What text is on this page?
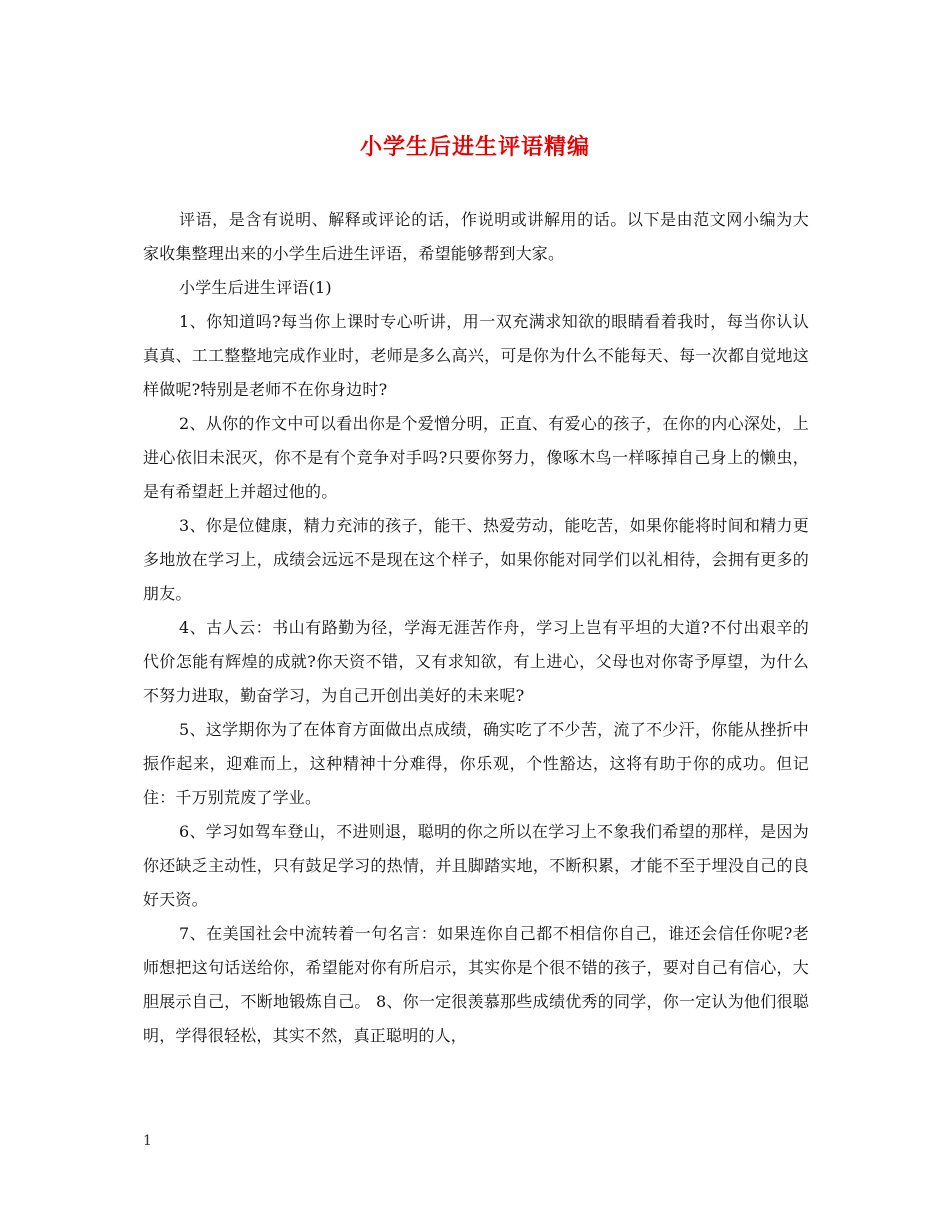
小学生后进生评语精编

评语，是含有说明、解释或评论的话，作说明或讲解用的话。以下是由范文网小编为大家收集整理出来的小学生后进生评语，希望能够帮到大家。

小学生后进生评语(1)

1、你知道吗?每当你上课时专心听讲，用一双充满求知欲的眼睛看着我时，每当你认认真真、工工整整地完成作业时，老师是多么高兴，可是你为什么不能每天、每一次都自觉地这样做呢?特别是老师不在你身边时?

2、从你的作文中可以看出你是个爱憎分明，正直、有爱心的孩子，在你的内心深处，上进心依旧未泯灭，你不是有个竞争对手吗?只要你努力，像啄木鸟一样啄掉自己身上的懒虫，是有希望赶上并超过他的。

3、你是位健康，精力充沛的孩子，能干、热爱劳动，能吃苦，如果你能将时间和精力更多地放在学习上，成绩会远远不是现在这个样子，如果你能对同学们以礼相待，会拥有更多的朋友。

4、古人云：书山有路勤为径，学海无涯苦作舟，学习上岂有平坦的大道?不付出艰辛的代价怎能有辉煌的成就?你天资不错，又有求知欲，有上进心，父母也对你寄予厚望，为什么不努力进取，勤奋学习，为自己开创出美好的未来呢?

5、这学期你为了在体育方面做出点成绩，确实吃了不少苦，流了不少汗，你能从挫折中振作起来，迎难而上，这种精神十分难得，你乐观，个性豁达，这将有助于你的成功。但记住：千万别荒废了学业。

6、学习如驾车登山，不进则退，聪明的你之所以在学习上不象我们希望的那样，是因为你还缺乏主动性，只有鼓足学习的热情，并且脚踏实地，不断积累，才能不至于埋没自己的良好天资。

7、在美国社会中流转着一句名言：如果连你自己都不相信你自己，谁还会信任你呢?老师想把这句话送给你，希望能对你有所启示，其实你是个很不错的孩子，要对自己有信心，大胆展示自己，不断地锻炼自己。 8、你一定很羡慕那些成绩优秀的同学，你一定认为他们很聪明，学得很轻松，其实不然，真正聪明的人，

1
